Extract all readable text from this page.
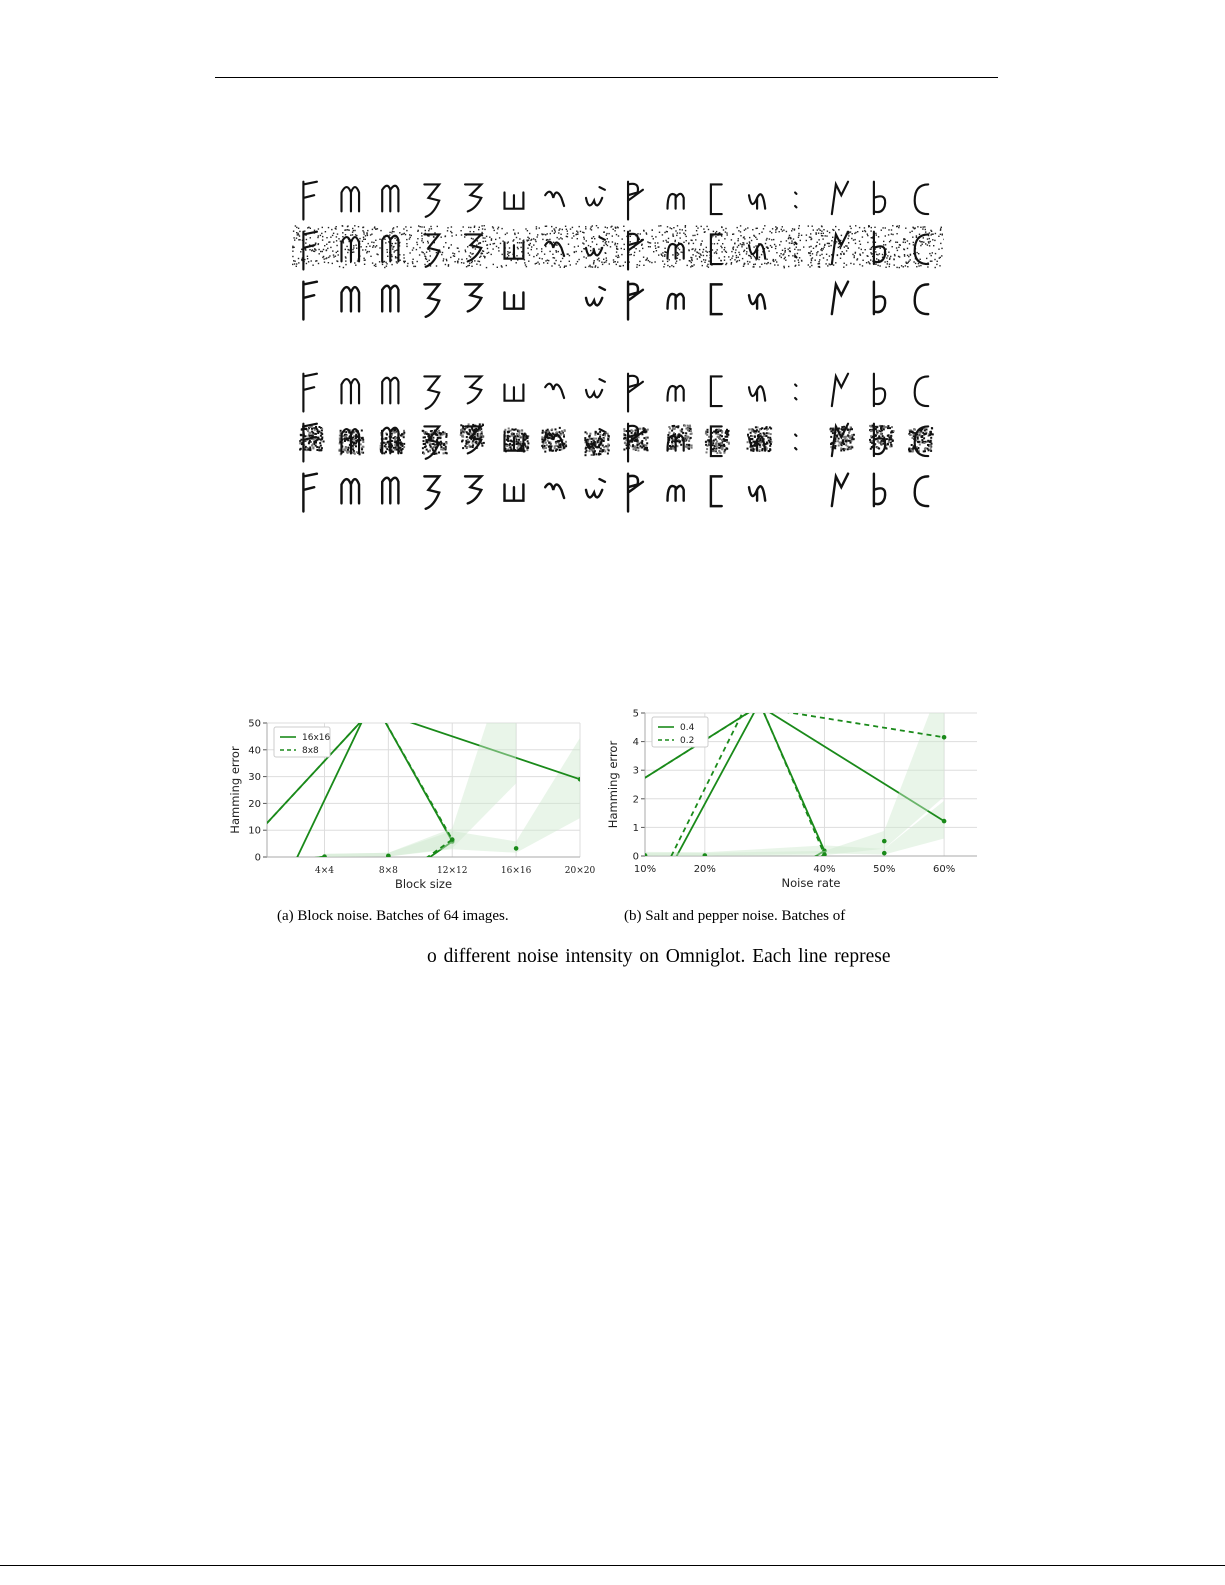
0
10
20
30
40
50
4×4	8×8	12×12	16×16	20×20
16x16
8x8
Block size
Hamming error
0
1
2
3
4
5
10%	20%	40%	50%	60%
0.4
0.2
Noise rate
Hamming error
(a) Block noise. Batches of 64 images.	(b) Salt and pepper noise. Batches of
o different noise intensity on Omniglot. Each line represe
